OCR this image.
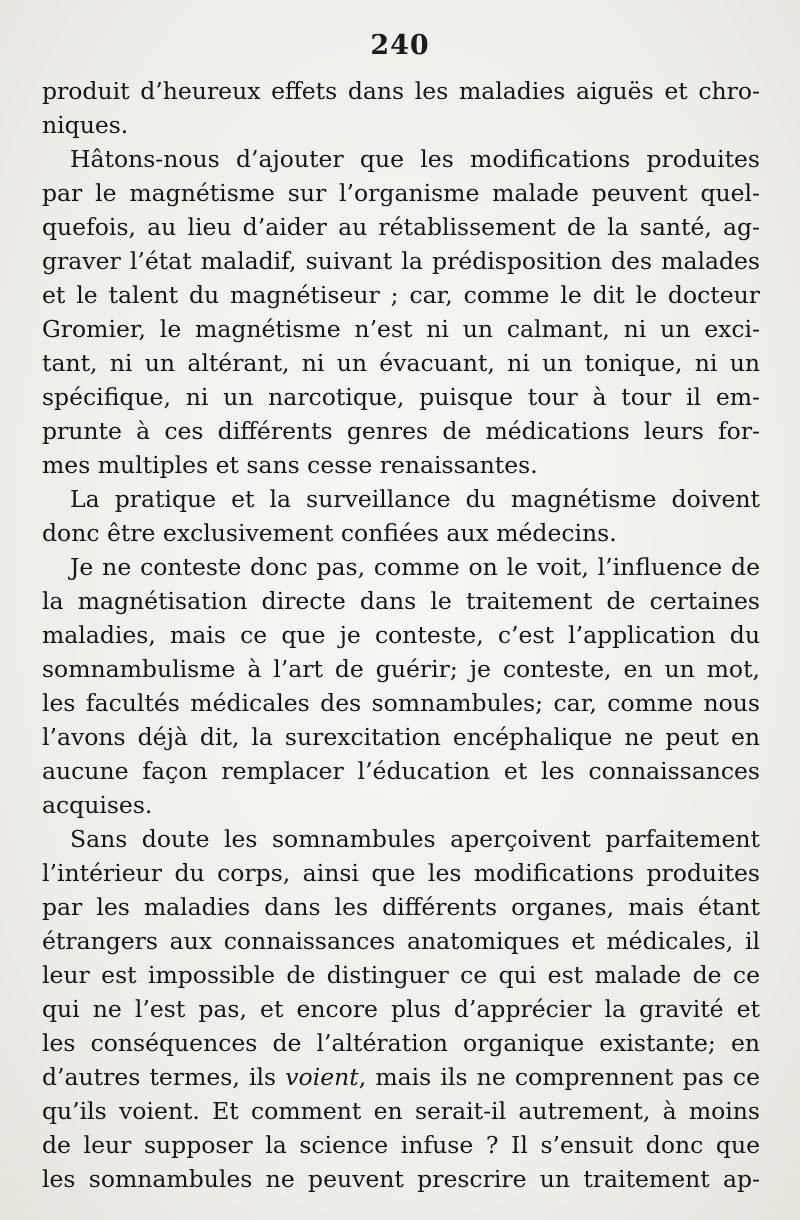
240
produit d’heureux effets dans les maladies aiguës et chro-
niques.
Hâtons-nous d’ajouter que les modifications produites
par le magnétisme sur l’organisme malade peuvent quel-
quefois, au lieu d’aider au rétablissement de la santé, ag-
graver l’état maladif, suivant la prédisposition des malades
et le talent du magnétiseur ; car, comme le dit le docteur
Gromier, le magnétisme n’est ni un calmant, ni un exci-
tant, ni un altérant, ni un évacuant, ni un tonique, ni un
spécifique, ni un narcotique, puisque tour à tour il em-
prunte à ces différents genres de médications leurs for-
mes multiples et sans cesse renaissantes.
La pratique et la surveillance du magnétisme doivent
donc être exclusivement confiées aux médecins.
Je ne conteste donc pas, comme on le voit, l’influence de
la magnétisation directe dans le traitement de certaines
maladies, mais ce que je conteste, c’est l’application du
somnambulisme à l’art de guérir; je conteste, en un mot,
les facultés médicales des somnambules; car, comme nous
l’avons déjà dit, la surexcitation encéphalique ne peut en
aucune façon remplacer l’éducation et les connaissances
acquises.
Sans doute les somnambules aperçoivent parfaitement
l’intérieur du corps, ainsi que les modifications produites
par les maladies dans les différents organes, mais étant
étrangers aux connaissances anatomiques et médicales, il
leur est impossible de distinguer ce qui est malade de ce
qui ne l’est pas, et encore plus d’apprécier la gravité et
les conséquences de l’altération organique existante; en
d’autres termes, ils voient, mais ils ne comprennent pas ce
qu’ils voient. Et comment en serait-il autrement, à moins
de leur supposer la science infuse ? Il s’ensuit donc que
les somnambules ne peuvent prescrire un traitement ap-
